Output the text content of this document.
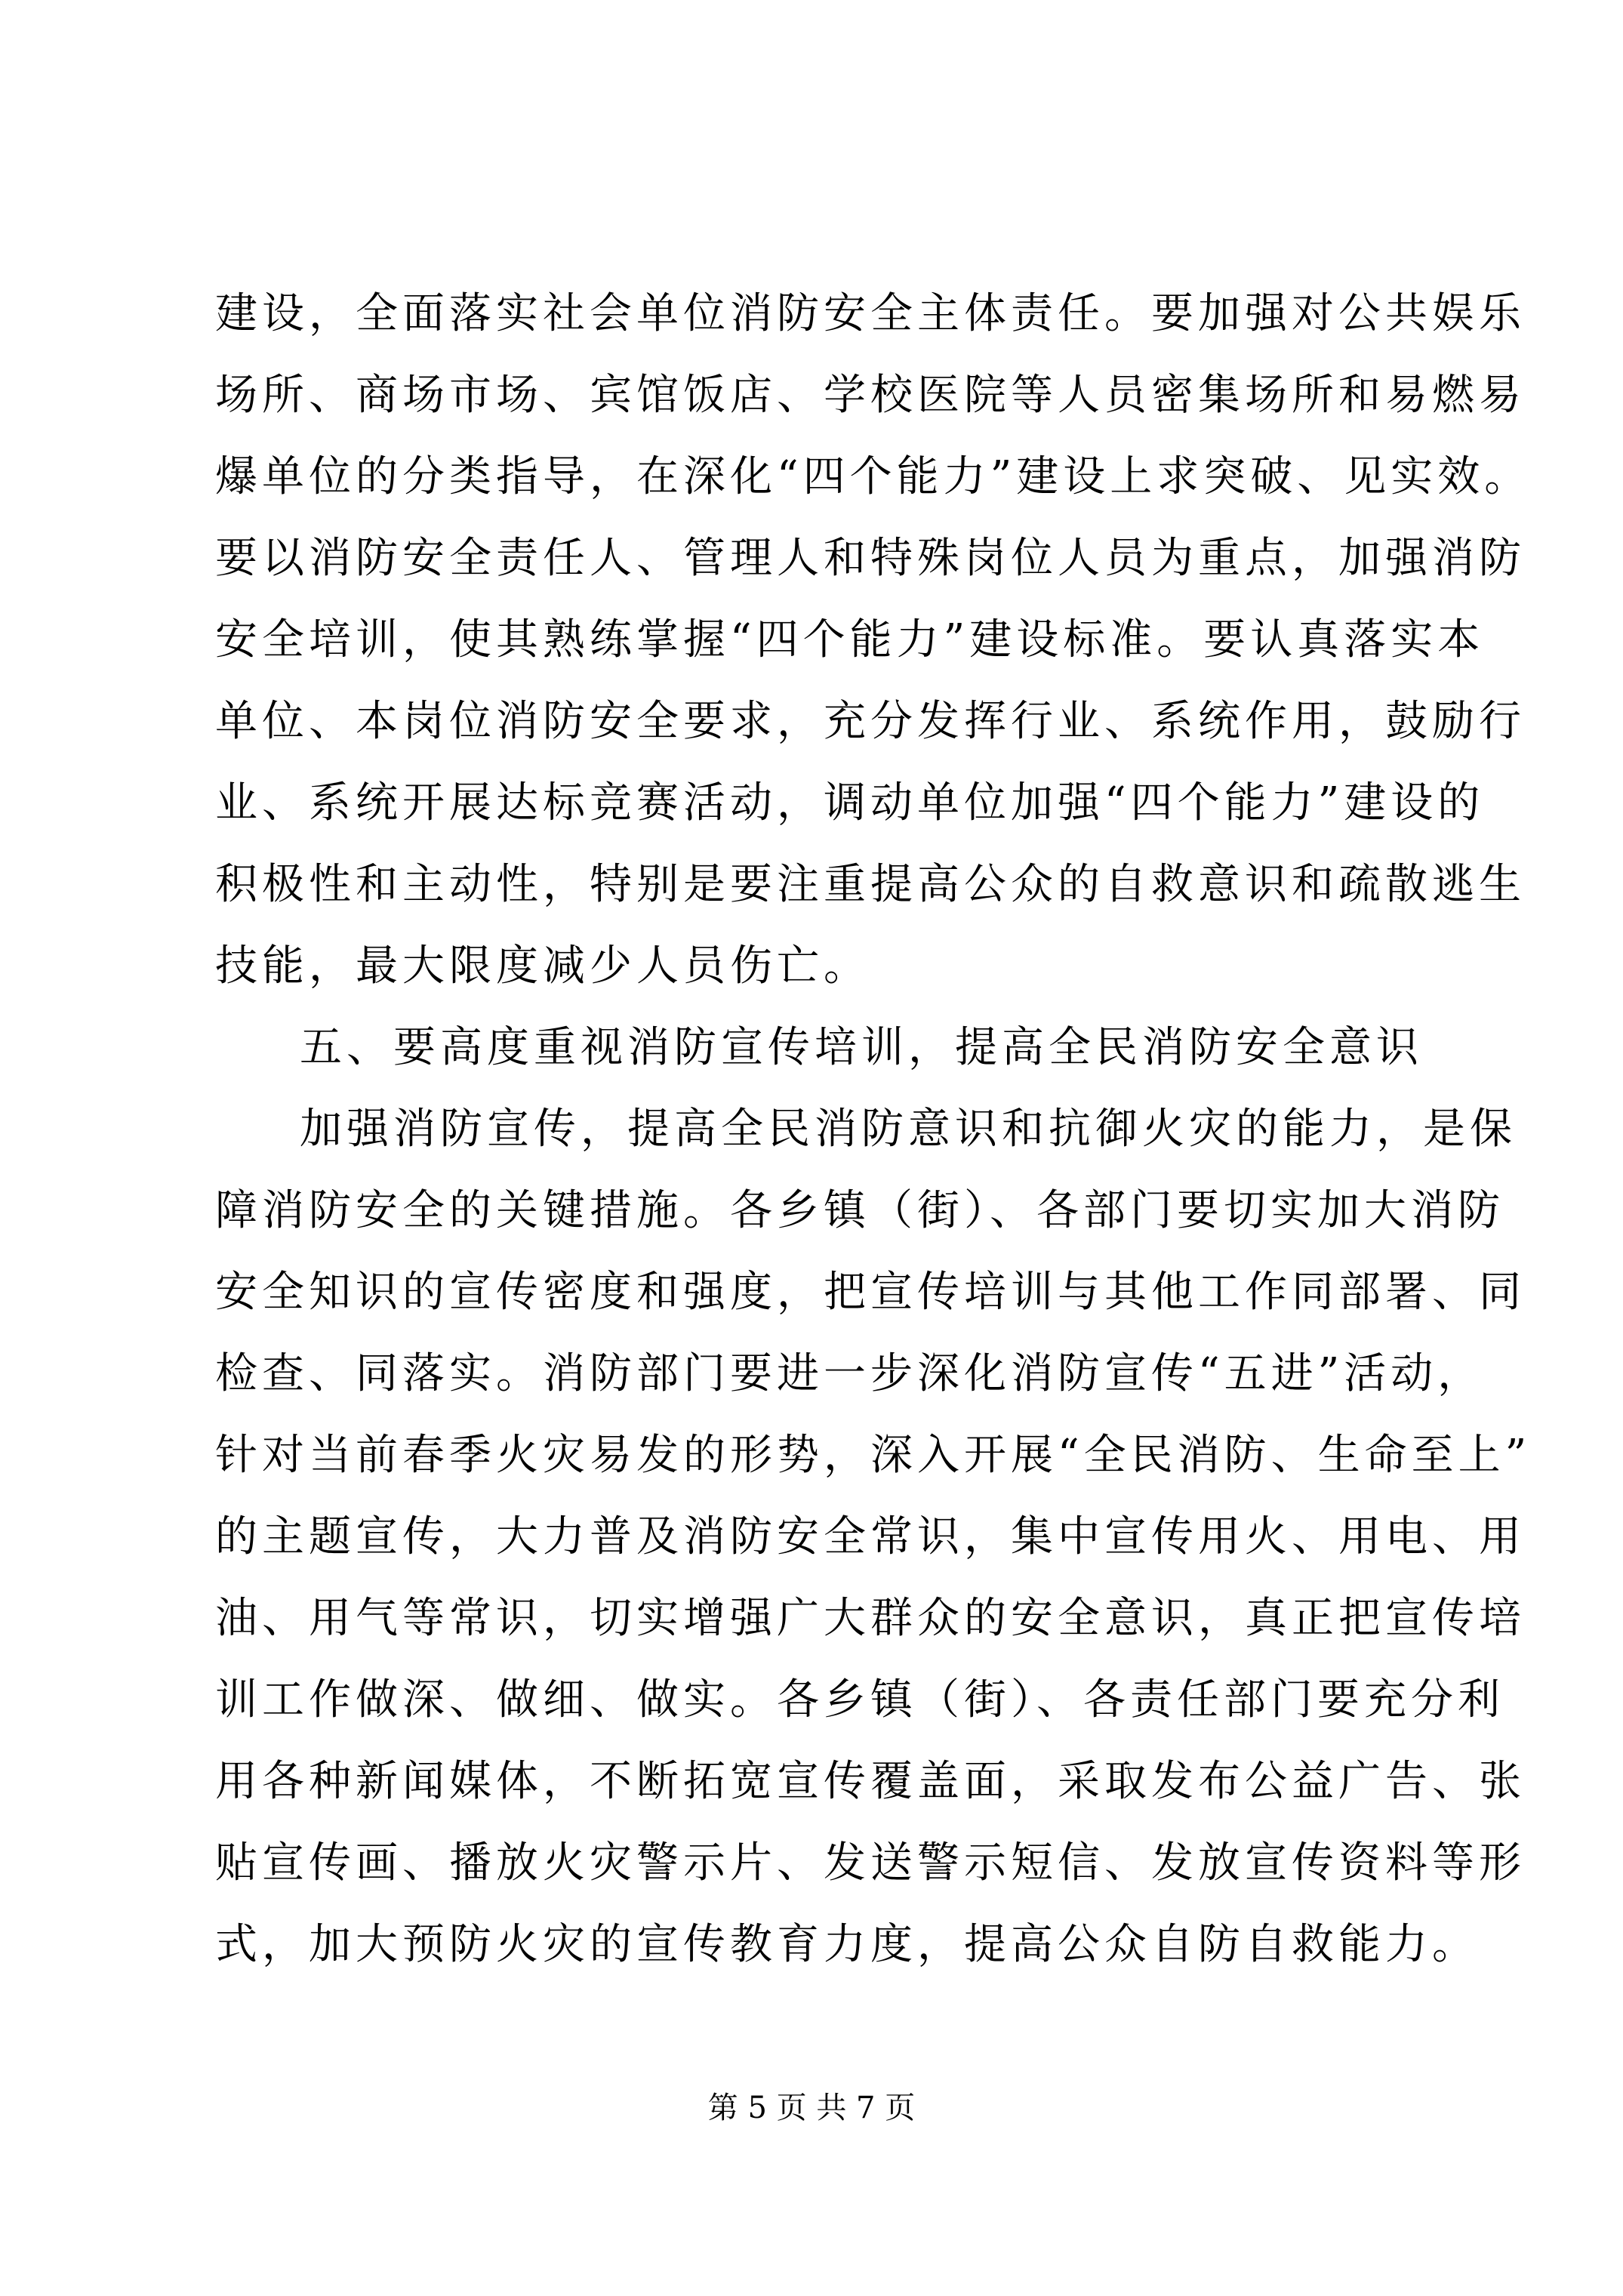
建设，全面落实社会单位消防安全主体责任。要加强对公共娱乐
场所、商场市场、宾馆饭店、学校医院等人员密集场所和易燃易
爆单位的分类指导，在深化“四个能力”建设上求突破、见实效。
要以消防安全责任人、管理人和特殊岗位人员为重点，加强消防
安全培训，使其熟练掌握“四个能力”建设标准。要认真落实本
单位、本岗位消防安全要求，充分发挥行业、系统作用，鼓励行
业、系统开展达标竞赛活动，调动单位加强“四个能力”建设的
积极性和主动性，特别是要注重提高公众的自救意识和疏散逃生
技能，最大限度减少人员伤亡。
五、要高度重视消防宣传培训，提高全民消防安全意识
加强消防宣传，提高全民消防意识和抗御火灾的能力，是保
障消防安全的关键措施。各乡镇（街）、各部门要切实加大消防
安全知识的宣传密度和强度，把宣传培训与其他工作同部署、同
检查、同落实。消防部门要进一步深化消防宣传“五进”活动，
针对当前春季火灾易发的形势，深入开展“全民消防、生命至上”
的主题宣传，大力普及消防安全常识，集中宣传用火、用电、用
油、用气等常识，切实增强广大群众的安全意识，真正把宣传培
训工作做深、做细、做实。各乡镇（街）、各责任部门要充分利
用各种新闻媒体，不断拓宽宣传覆盖面，采取发布公益广告、张
贴宣传画、播放火灾警示片、发送警示短信、发放宣传资料等形
式，加大预防火灾的宣传教育力度，提高公众自防自救能力。
第 5 页 共 7 页
